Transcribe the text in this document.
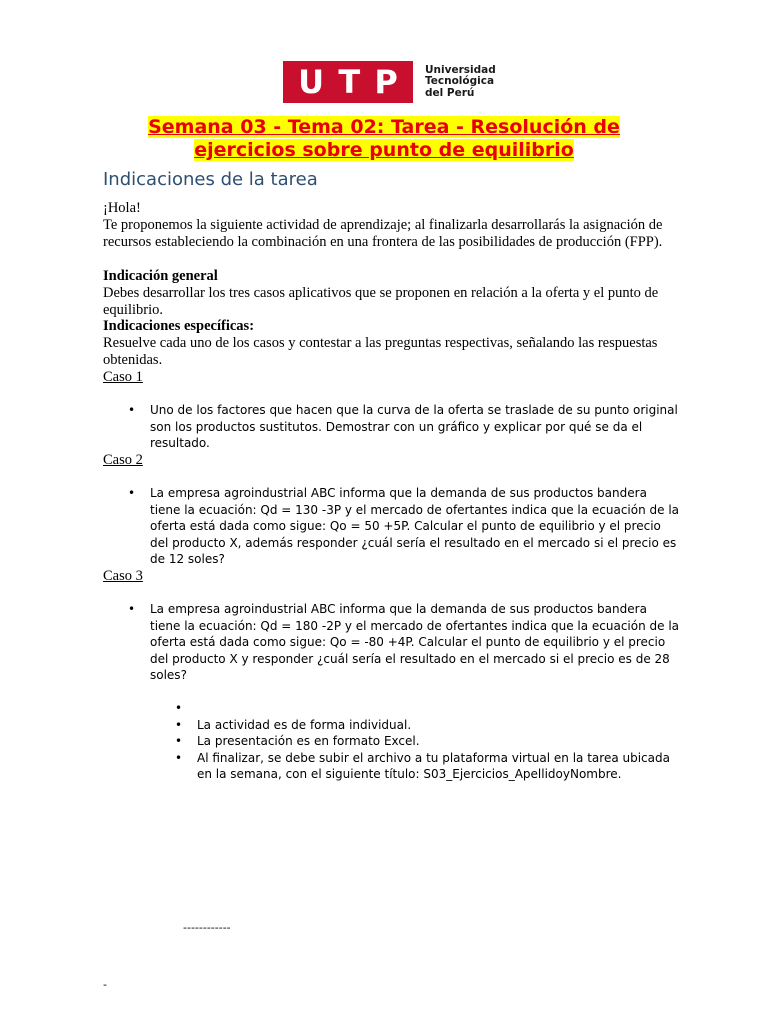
U T P	Universidad
Tecnológica
del Perú
Semana 03 - Tema 02: Tarea - Resolución de
ejercicios sobre punto de equilibrio
Indicaciones de la tarea
¡Hola!
Te proponemos la siguiente actividad de aprendizaje; al finalizarla desarrollarás la asignación de recursos estableciendo la combinación en una frontera de las posibilidades de producción (FPP).
Indicación general
Debes desarrollar los tres casos aplicativos que se proponen en relación a la oferta y el punto de equilibrio.
Indicaciones específicas:
Resuelve cada uno de los casos y contestar a las preguntas respectivas, señalando las respuestas obtenidas.
Caso 1
• Uno de los factores que hacen que la curva de la oferta se traslade de su punto original son los productos sustitutos. Demostrar con un gráfico y explicar por qué se da el resultado.
Caso 2
• La empresa agroindustrial ABC informa que la demanda de sus productos bandera tiene la ecuación: Qd = 130 -3P y el mercado de ofertantes indica que la ecuación de la oferta está dada como sigue: Qo = 50 +5P. Calcular el punto de equilibrio y el precio del producto X, además responder ¿cuál sería el resultado en el mercado si el precio es de 12 soles?
Caso 3
• La empresa agroindustrial ABC informa que la demanda de sus productos bandera tiene la ecuación: Qd = 180 -2P y el mercado de ofertantes indica que la ecuación de la oferta está dada como sigue: Qo = -80 +4P. Calcular el punto de equilibrio y el precio del producto X y responder ¿cuál sería el resultado en el mercado si el precio es de 28 soles?
•
• La actividad es de forma individual.
• La presentación es en formato Excel.
• Al finalizar, se debe subir el archivo a tu plataforma virtual en la tarea ubicada en la semana, con el siguiente título: S03_Ejercicios_ApellidoyNombre.
------------
-
